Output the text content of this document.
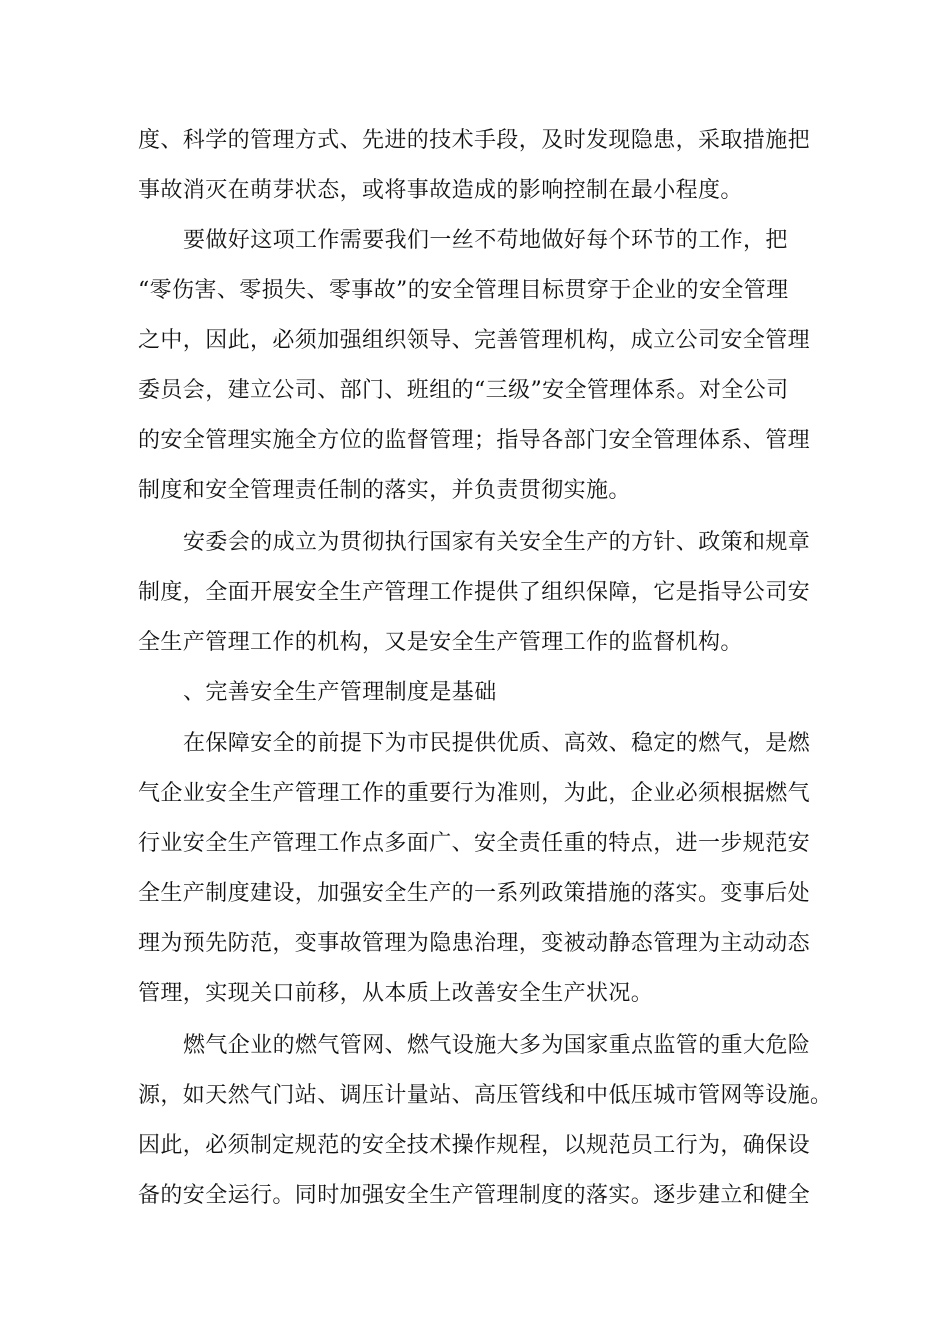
度、科学的管理方式、先进的技术手段，及时发现隐患，采取措施把
事故消灭在萌芽状态，或将事故造成的影响控制在最小程度。
要做好这项工作需要我们一丝不苟地做好每个环节的工作，把
“零伤害、零损失、零事故”的安全管理目标贯穿于企业的安全管理
之中，因此，必须加强组织领导、完善管理机构，成立公司安全管理
委员会，建立公司、部门、班组的“三级”安全管理体系。对全公司
的安全管理实施全方位的监督管理；指导各部门安全管理体系、管理
制度和安全管理责任制的落实，并负责贯彻实施。
安委会的成立为贯彻执行国家有关安全生产的方针、政策和规章
制度，全面开展安全生产管理工作提供了组织保障，它是指导公司安
全生产管理工作的机构，又是安全生产管理工作的监督机构。
、完善安全生产管理制度是基础
在保障安全的前提下为市民提供优质、高效、稳定的燃气，是燃
气企业安全生产管理工作的重要行为准则，为此，企业必须根据燃气
行业安全生产管理工作点多面广、安全责任重的特点，进一步规范安
全生产制度建设，加强安全生产的一系列政策措施的落实。变事后处
理为预先防范，变事故管理为隐患治理，变被动静态管理为主动动态
管理，实现关口前移，从本质上改善安全生产状况。
燃气企业的燃气管网、燃气设施大多为国家重点监管的重大危险
源，如天然气门站、调压计量站、高压管线和中低压城市管网等设施。
因此，必须制定规范的安全技术操作规程，以规范员工行为，确保设
备的安全运行。同时加强安全生产管理制度的落实。逐步建立和健全
